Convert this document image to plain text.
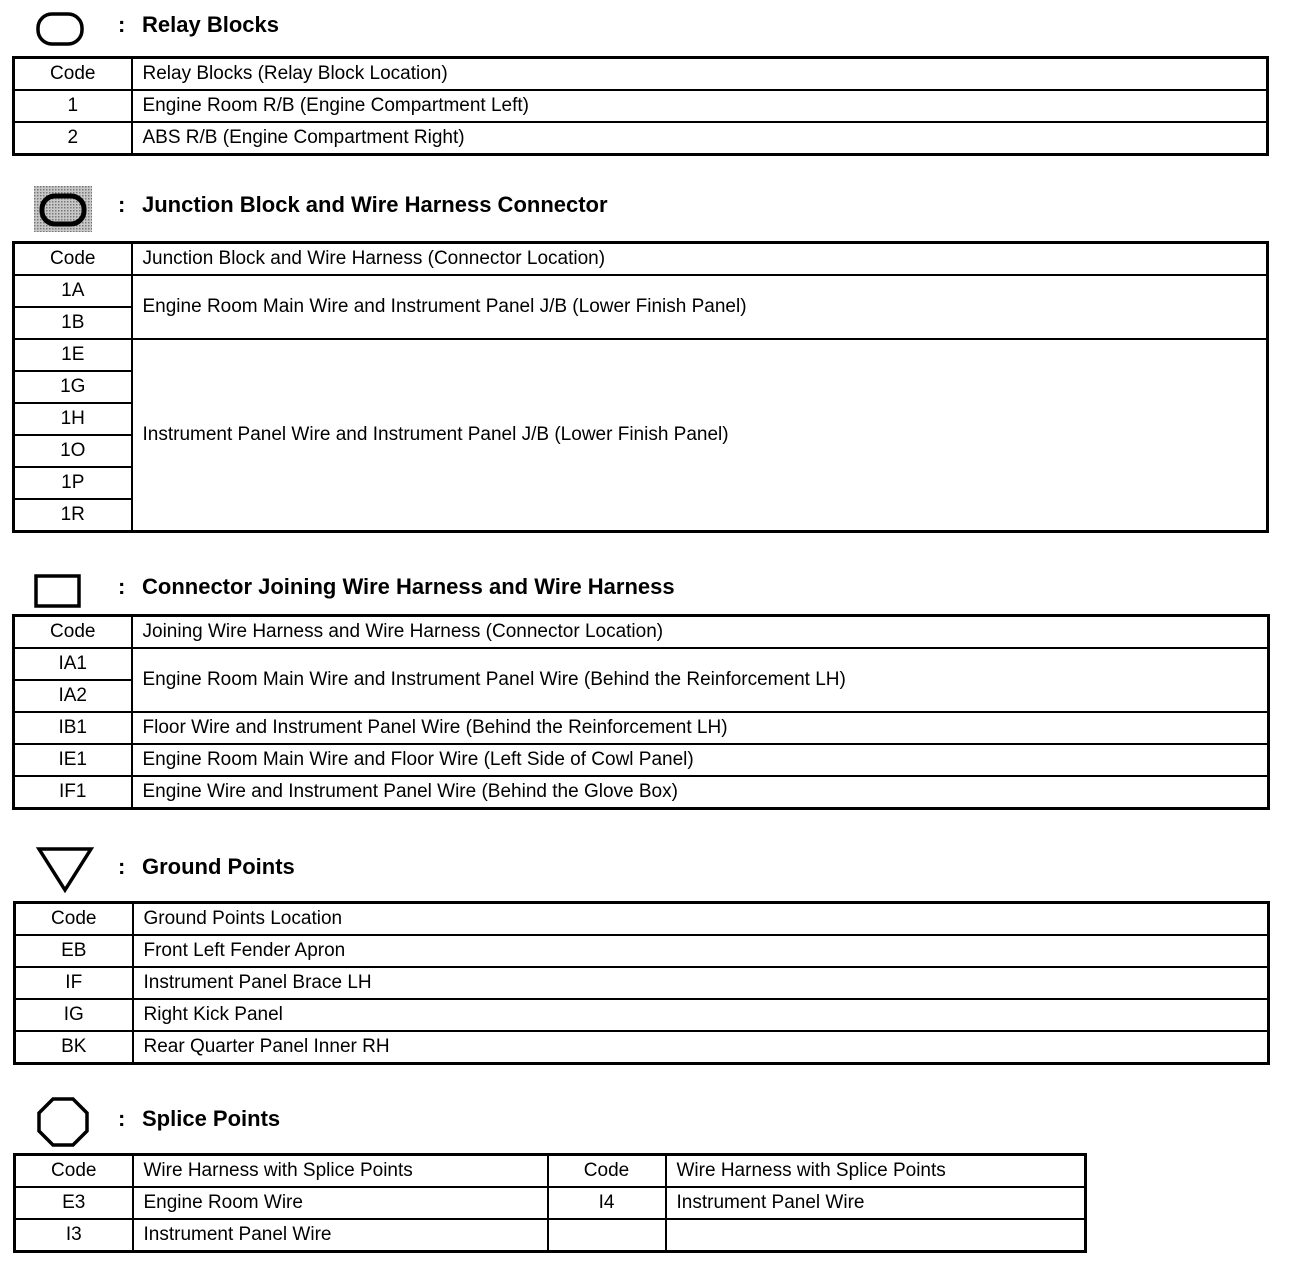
: Relay Blocks
Code	Relay Blocks (Relay Block Location)
1	Engine Room R/B (Engine Compartment Left)
2	ABS R/B (Engine Compartment Right)
: Junction Block and Wire Harness Connector
Code	Junction Block and Wire Harness (Connector Location)
1A	Engine Room Main Wire and Instrument Panel J/B (Lower Finish Panel)
1B	
1E	Instrument Panel Wire and Instrument Panel J/B (Lower Finish Panel)
1G	
1H	
1O	
1P	
1R	
: Connector Joining Wire Harness and Wire Harness
Code	Joining Wire Harness and Wire Harness (Connector Location)
IA1	Engine Room Main Wire and Instrument Panel Wire (Behind the Reinforcement LH)
IA2	
IB1	Floor Wire and Instrument Panel Wire (Behind the Reinforcement LH)
IE1	Engine Room Main Wire and Floor Wire (Left Side of Cowl Panel)
IF1	Engine Wire and Instrument Panel Wire (Behind the Glove Box)
: Ground Points
Code	Ground Points Location
EB	Front Left Fender Apron
IF	Instrument Panel Brace LH
IG	Right Kick Panel
BK	Rear Quarter Panel Inner RH
: Splice Points
Code	Wire Harness with Splice Points	Code	Wire Harness with Splice Points
E3	Engine Room Wire	I4	Instrument Panel Wire
I3	Instrument Panel Wire		
